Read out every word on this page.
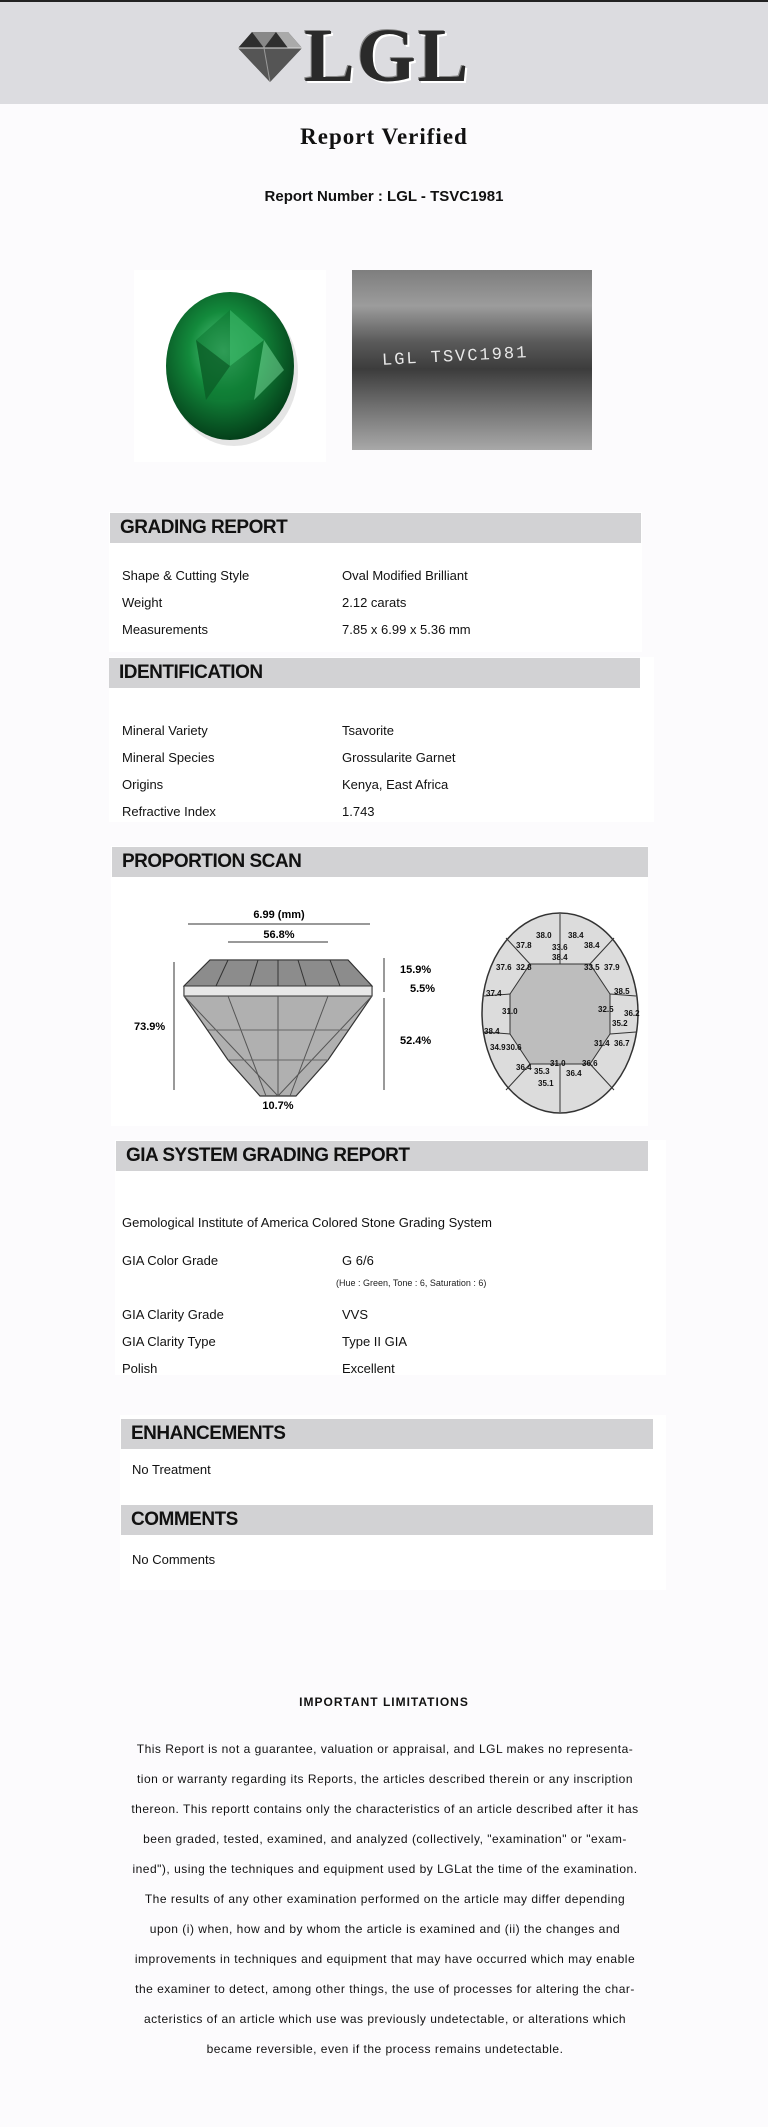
LGL
Report Verified
Report Number : LGL - TSVC1981
LGL TSVC1981
GRADING REPORT
Shape & Cutting Style	Oval Modified Brilliant
Weight	2.12 carats
Measurements	7.85 x 6.99 x 5.36 mm
IDENTIFICATION
Mineral Variety	Tsavorite
Mineral Species	Grossularite Garnet
Origins	Kenya, East Africa
Refractive Index	1.743
PROPORTION SCAN
6.99 (mm)
56.8%
73.9%
15.9%
5.5%
52.4%
10.7%
38.0 38.4
37.8	33.6 38.4
37.6 32.8
38.4
33.5 37.9
37.4	38.5
31.0	32.5 36.2
35.2
38.4
31.4 36.7
34.9 30.6
31.0 36.6
36.4 35.3 36.4
35.1
GIA SYSTEM GRADING REPORT
Gemological Institute of America Colored Stone Grading System
GIA Color Grade	G 6/6
(Hue : Green, Tone : 6, Saturation : 6)
GIA Clarity Grade	VVS
GIA Clarity Type	Type II GIA
Polish	Excellent
ENHANCEMENTS
No Treatment
COMMENTS
No Comments
IMPORTANT LIMITATIONS
This Report is not a guarantee, valuation or appraisal, and LGL makes no representa-
tion or warranty regarding its Reports, the articles described therein or any inscription
thereon. This reportt contains only the characteristics of an article described after it has
been graded, tested, examined, and analyzed (collectively, "examination" or "exam-
ined"), using the techniques and equipment used by LGLat the time of the examination.
The results of any other examination performed on the article may differ depending
upon (i) when, how and by whom the article is examined and (ii) the changes and
improvements in techniques and equipment that may have occurred which may enable
the examiner to detect, among other things, the use of processes for altering the char-
acteristics of an article which use was previously undetectable, or alterations which
became reversible, even if the process remains undetectable.
